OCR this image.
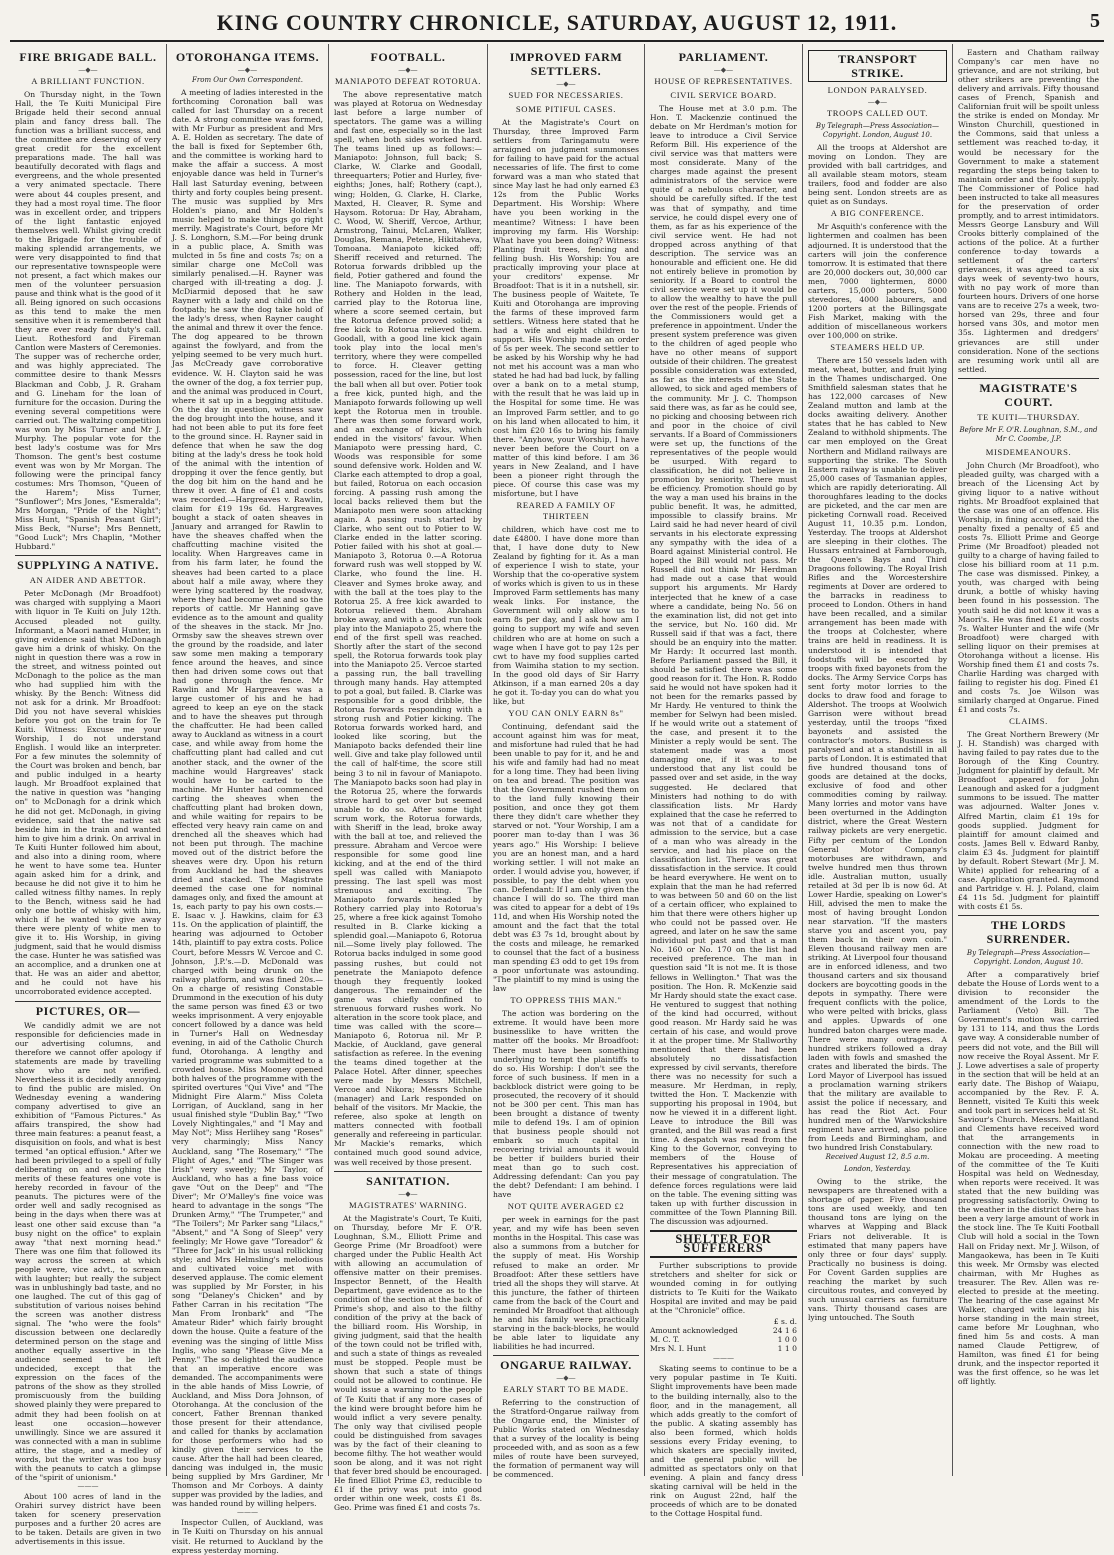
KING COUNTRY CHRONICLE, SATURDAY, AUGUST 12, 1911.	5
FIRE BRIGADE BALL.
—◆—
A BRILLIANT FUNCTION.

On Thursday night, in the Town Hall, the Te Kuiti Municipal Fire Brigade held their second annual plain and fancy dress ball. The function was a brilliant success, and the committee are deserving of very great credit for the excellent preparations made. The hall was beautifully decorated with flags and evergreens, and the whole presented a very animated spectacle. There were about 44 couples present, and they had a most royal time. The floor was in excellent order, and trippers of the light fantastic enjoyed themselves well. Whilst giving credit to the Brigade for the trouble of making splendid arrangements, we were very disappointed to find that our representative townspeople were not present, a fact which makes our men of the volunteer persuasion pause and think what is the good of it all. Being ignored on such occasions as this tend to make the men sensitive when it is remembered that they are ever ready for duty's call. Lieut. Rothesford and Fireman Cantlon were Masters of Ceremonies. The supper was of recherche order, and was highly appreciated. The committee desire to thank Messrs Blackman and Cobb, J. R. Graham and G. Lineham for the loan of furniture for the occasion. During the evening several competitions were carried out. The waltzing competition was won by Miss Turner and Mr J. Murphy. The popular vote for the best lady's costume was for Mrs Thomson. The gent's best costume event was won by Mr Morgan. The following were the principal fancy costumes: Mrs Thomson, "Queen of the Harem"; Miss Turner, "Sunflower"; Mrs Jones, "Esmeralda"; Mrs Morgan, "Pride of the Night"; Miss Hunt, "Spanish Peasant Girl"; Miss Beck, "Nurse"; Mrs Bennett, "Good Luck"; Mrs Chaplin, "Mother Hubbard."

SUPPLYING A NATIVE.
AN AIDER AND ABETTOR.

Peter McDonagh (Mr Broadfoot) was charged with supplying a Maori with liquor in Te Kuiti on July 12th. Accused pleaded not guilty. Informant, a Maori named Hunter, in giving evidence said that McDonagh gave him a drink of whisky. On the night in question there was a row in the street, and witness pointed out McDonagh to the police as the man who had supplied him with the whisky. By the Bench: Witness did not ask for a drink. Mr Broadfoot: Did you not have several whiskies before you got on the train for Te Kuiti. Witness: Excuse me your Worship, I do not understand English. I would like an interpreter. For a few minutes the solemnity of the Court was broken and bench, bar and public indulged in a hearty laugh. Mr Broadfoot explained that the native in question was "hanging on" to McDonagh for a drink which he did not get. McDonagh, in giving evidence, said that the native sat beside him in the train and wanted him to give him a drink. On arrival in Te Kuiti Hunter followed him about, and also into a dining room, where he went to have some tea. Hunter again asked him for a drink, and because he did not give it to him he called witness filthy names. In reply to the Bench, witness said he had only one bottle of whisky with him, which if he wanted to give away there were plenty of white men to give it to. His Worship, in giving judgment, said that he would dismiss the case. Hunter he was satisfied was an accomplice, and a drunken one at that. He was an aider and abettor, and he could not have his uncorroborated evidence accepted.

PICTURES, OR—

We candidly admit we are not responsible for deficiencies made in our advertising columns, and therefore we cannot offer apology if statements are made by travelling show who are not verified. Nevertheless it is decidedly annoying to find the public are misled. On Wednesday evening a wandering company advertised to give an exhibition of "Famous Pictures." As affairs transpired, the show had three main features: a peanut feast, a disquisition on fools, and what is best termed "an optical effusion." After we had been privileged to a spell of fully deliberating on and weighing the merits of these features one vote is hereby recorded in favour of the peanuts. The pictures were of the order well and sadly recognised as being in the days when there was at least one other said excuse than "a busy night on the office" to explain away "that next morning head." There was one film that followed its way across the screen at which people were, vice advt., to scream with laughter; but really the subject was in unblushingly bad taste, and no one laughed. The cut of this gag of substitution of various noises behind the screen was another distress signal. The "who were the fools" discussion between one declaredly determined person on the stage and another equally assertive in the audience seemed to be left undecided, except that the expression on the faces of the patrons of the show as they strolled promiscuously from the building showed plainly they were prepared to admit they had been foolish on at least one occasion—however unwillingly. Since we are assured it was connected with a man in sublime attire, the stage, and a medley of words, but the writer was too busy with the peanuts to catch a glimpse of the "spirit of unionism."

———

About 100 acres of land in the Orahiri survey district have been taken for scenery preservation purposes and a further 20 acres are to be taken. Details are given in two advertisements in this issue.

OTOROHANGA ITEMS.
—◆—
From Our Own Correspondent.

A meeting of ladies interested in the forthcoming Coronation ball was called for last Thursday on a recent date. A strong committee was formed, with Mr Furbur as president and Mrs A. E. Holden as secretary. The date of the ball is fixed for September 6th, and the committee is working hard to make the affair a success. A most enjoyable dance was held in Turner's Hall last Saturday evening, between thirty and forty couples being present. The music was supplied by Mrs Holden's piano, and Mr Holden's music helped to make things go right merrily. Magistrate's Court, before Mr J. S. Longhorn, S.M.—For being drunk in a public place, A. Smith was mulcted in 5s fine and costs 7s; on a similar charge one McColl was similarly penalised.—H. Rayner was charged with ill-treating a dog. J. McDiarmid deposed that he saw Rayner with a lady and child on the footpath; he saw the dog take hold of the lady's dress, when Rayner caught the animal and threw it over the fence. The dog appeared to be thrown against the fowlyard, and from the yelping seemed to be very much hurt. Jas McCready gave corroborative evidence. W. H. Clayton said he was the owner of the dog, a fox terrier pup, and the animal was produced in Court, where it sat up in a begging attitude. On the day in question, witness saw the dog brought into the house, and it had not been able to put its fore feet to the ground since. H. Rayner said in defence that when he saw the dog biting at the lady's dress he took hold of the animal with the intention of dropping it over the fence gently, but the dog bit him on the hand and he threw it over. A fine of £1 and costs was recorded.—Hargreaves v. Rawlin, claim for £19 19s 6d. Hargreaves bought a stack of oaten sheaves in January and arranged for Rawlin to have the sheaves chaffed when the chaffcutting machine visited the locality. When Hargreaves came in from his farm later, he found the sheaves had been carted to a place about half a mile away, where they were lying scattered by the roadway, where they had become wet and so the reports of cattle. Mr Hanning gave evidence as to the amount and quality of the sheaves in the stack. Mr Jno. Ormsby saw the sheaves strewn over the ground by the roadside, and later saw some men making a temporary fence around the heaves, and since then had driven some cows out that had gone through the fence. Mr Rawlin and Mr Hargreaves was a large customer of his and he had agreed to keep an eye on the stack and to have the sheaves put through the chaffcutter. He had been called away to Auckland as witness in a court case, and while away from home the chaffcutting plant had called and cut another stack, and the owner of the machine would Hargreaves' stack would have to be carted to the machine. Mr Hunter had commenced carting the sheaves when the chaffcutting plant had broken down, and while waiting for repairs to be effected very heavy rain came on and drenched all the sheaves which had not been put through. The machine moved out of the district before the sheaves were dry. Upon his return from Auckland he had the sheaves dried and stacked. The Magistrate deemed the case one for nominal damages only, and fixed the amount at 1s, each party to pay his own costs.—E. Isaac v. J. Hawkins, claim for £3 11s. On the application of plaintiff, the hearing was adjourned to October 14th, plaintiff to pay extra costs. Police Court, before Messrs W. Vercoe and C. Johnson, J.P.'s.—D. McDonald was charged with being drunk on the railway platform, and was fined 20s.—On a charge of resisting Constable Drummond in the execution of his duty the same person was fined £3 or two weeks imprisonment. A very enjoyable concert followed by a dance was held in Turner's Hall on Wednesday evening, in aid of the Catholic Church fund, Otorohanga. A lengthy and varied programme was submitted to a crowded house. Miss Mooney opened both halves of the programme with the spirited overtures "Qui Vive" and "The Midnight Fire Alarm." Miss Coleta Lorrigan, of Auckland, sang in her usual finished style "Dublin Bay," "Two Lovely Nightingales," and "I May and May Not"; Miss Herlihey sang "Roses" very charmingly; Miss Nancy Auckland, sang "The Rosemary," "The Flight of Ages," and "The Singer was Irish" very sweetly; Mr Taylor, of Auckland, who has a fine bass voice gave "Out on the Deep" and "The Diver"; Mr O'Malley's fine voice was heard to advantage in the songs "The Drunken Army," "The Trumpeter," and "The Toilers"; Mr Parker sang "Lilacs," "Absent," and "A Song of Sleep" very feelingly; Mr Howe gave "Toreador" & "Three for Jack" in his usual rollicking style; and Mrs Helmsling's melodious and cultivated voice met with deserved applause. The comic element was supplied by Mr Forster, in his song "Delaney's Chicken" and by Father Carran in his recitation "The Man From Ironbark" and "The Amateur Rider" which fairly brought down the house. Quite a feature of the evening was the singing of little Miss Inglis, who sang "Please Give Me a Penny." The so delighted the audience that an imperative encore was demanded. The accompaniments were in the able hands of Miss Lowrie, of Auckland, and Miss Dora Johnson, of Otorohanga. At the conclusion of the concert, Father Brennan thanked those present for their attendance, and called for thanks by acclamation for those performers who had so kindly given their services to the cause. After the hall had been cleared, dancing was indulged in, the music being supplied by Mrs Gardiner, Mr Thomson and Mr Corboys. A dainty supper was provided by the ladies, and was handed round by willing helpers.

———

Inspector Cullen, of Auckland, was in Te Kuiti on Thursday on his annual visit. He returned to Auckland by the express yesterday morning.

FOOTBALL.
—◆—
MANIAPOTO DEFEAT ROTORUA.

The above representative match was played at Rotorua on Wednesday last before a large number of spectators. The game was a willing and fast one, especially so in the last spell, when both sides worked hard. The teams lined up as follows:— Maniapoto: Johnson, full back; S. Clarke, W. Clarke and Goodall, threequarters; Potier and Hurley, five-eighths; Jones, half; Rothery (capt.), wing; Holden, G. Clarke, H. Clarke, Maxted, H. Cleaver, R. Syme and Haysom. Rotorua: Dr Hay, Abraham, C. Wood, W. Sheriff, Vercoe, Arthur, Armstrong, Tainui, McLaren, Walker, Douglas, Remana, Petene, Hikitaheva, Tomoana. Maniapoto kicked off; Sheriff received and returned. The Rotorua forwards dribbled up the field, Potier gathered and found the line. The Maniapoto forwards, with Rothery and Holden in the lead, carried play to the Rotorua line, where a score seemed certain, but the Rotorua defence proved solid; a free kick to Rotorua relieved them. Goodall, with a good line kick again took play into the local men's territory, where they were compelled to force. H. Cleaver getting possession, raced for the line, but lost the ball when all but over. Potier took a free kick, punted high, and the Maniapoto forwards following up well kept the Rotorua men in trouble. There was then some forward work, and an exchange of kicks, which ended in the visitors' favour. When Maniapoto were pressing hard, C. Woods was responsible for some sound defensive work. Holden and W. Clarke each attempted to drop a goal, but failed, Rotorua on each occasion forcing. A passing rush among the local backs relieved them but the Maniapoto men were soon attacking again. A passing rush started by Clarke, who sent out to Potier to W. Clarke ended in the latter scoring. Potier failed with his shot at goal.—Maniapoto 3, Rotorua 0.—A Rotorua forward rush was well stopped by W. Clarke, who found the line. H. Cleaver and Symes broke away, and with the ball at the toes play to the Rotorua 25. A free kick awarded to Rotorua relieved them. Abraham broke away, and with a good run took play into the Maniapoto 25, where the end of the first spell was reached. Shortly after the start of the second spell, the Rotorua forwards took play into the Maniapoto 25. Vercoe started a passing run, the ball travelling through many hands. Hay attempted to pot a goal, but failed. B. Clarke was responsible for a good dribble, the Rotorua forwards responding with a strong rush and Potier kicking. The Rotorua forwards worked hard, and looked like scoring, but the Maniapoto backs defended their line well. Give and take play followed until the call of half-time, the score still being 3 to nil in favour of Maniapoto. The Maniapoto backs soon had play in the Rotorua 25, where the forwards strove hard to get over but seemed unable to do so. After some tight scrum work, the Rotorua forwards, with Sheriff in the lead, broke away with the ball at toe, and relieved the pressure. Abraham and Vercoe were responsible for some good line kicking, and at the end of the third spell was called with Maniapoto pressing. The last spell was most strenuous and exciting. The Maniapoto forwards headed by Rothery carried play into Rotorua's 25, where a free kick against Tomoho resulted in B. Clarke kicking a splendid goal.—Maniapoto 6, Rotorua nil.—Some lively play followed. The Rotorua backs indulged in some good passing rushes, but could not penetrate the Maniapoto defence though they frequently looked dangerous. The remainder of the game was chiefly confined to strenuous forward rushes work. No alteration in the score took place, and time was called with the score—Maniapoto 6, Rotorua nil. Mr P. Mackie, of Auckland, gave general satisfaction as referee. In the evening the teams dined together at the Palace Hotel. After dinner, speeches were made by Messrs Mitchell, Vercoe and Nikora; Messrs Schnhe (manager) and Lark responded on behalf of the visitors. Mr Mackie, the referee, also spoke at length on matters connected with football generally and refereeing in particular. Mr Mackie's remarks, which contained much good sound advice, was well received by those present.

SANITATION.
—◆—
MAGISTRATES' WARNING.

At the Magistrate's Court, Te Kuiti, on Thursday, before Mr F. O'R. Loughnan, S.M., Elliott Prime and George Prime (Mr Broadfoot) were charged under the Public Health Act with allowing an accumulation of offensive matter on their premises. Inspector Bennett, of the Health Department, gave evidence as to the condition of the section at the back of Prime's shop, and also to the filthy condition of the privy at the back of the billiard room. His Worship, in giving judgment, said that the health of the town could not be trifled with, and such a state of things as revealed must be stopped. People must be shown that such a state of things could not be allowed to continue. He would issue a warning to the people of Te Kuiti that if any more cases of the kind were brought before him he would inflict a very severe penalty. The only way that civilised people could be distinguished from savages was by the fact of their cleaning to become filthy. The hot weather would soon be along, and it was not right that fever bred should be encouraged. He fined Elliot Prime £3, reducible to £1 if the privy was put into good order within one week, costs £1 8s. Geo. Prime was fined £1 and costs 7s.

IMPROVED FARM SETTLERS.
—◆—
SUED FOR NECESSARIES.
SOME PITIFUL CASES.

At the Magistrate's Court on Thursday, three Improved Farm settlers from Taringamutu were arraigned on judgment summonses for failing to have paid for the actual necessaries of life. The first to come forward was a man who stated that since May last he had only earned £3 12s from the Public Works Department. His Worship: Where have you been working in the meantime? Witness: I have been improving my farm. His Worship: What have you been doing? Witness: Planting fruit trees, fencing and felling bush. His Worship: You are practically improving your place at your creditors' expense. Mr Broadfoot: That is it in a nutshell, sir. The business people of Waitete, Te Kuiti and Otorohanga are improving the farms of these improved farm settlers. Witness here stated that he had a wife and eight children to support. His Worship made an order of 5s per week. The second settler to be asked by his Worship why he had not met his account was a man who stated he had had bad luck, by falling over a bank on to a metal stump, with the result that he was laid up in the Hospital for some time. He was an Improved Farm settler, and to go on his land when allocated to him, it cost him £20 16s to bring his family there. "Anyhow, your Worship, I have never been before the Court on a matter of this kind before. I am 36 years in New Zealand, and I have been a pioneer right through the piece. Of course this case was my misfortune, but I have

REARED A FAMILY OF THIRTEEN

children, which have cost me to date £4800. I have done more than that, I have done duty to New Zealand by fighting for it. As a man of experience I wish to state, your Worship that the co-operative system of works which is given to us in these Improved Farm settlements has many weak links. For instance, the Government will only allow us to earn 8s per day, and I ask how am I going to support my wife and seven children who are at home on such a wage when I have got to pay 12s per cwt to have my food supplies carted from Waimiha station to my section. In the good old days of Sir Harry Atkinson, if a man earned 20s a day he got it. To-day you can do what you like, but

YOU CAN ONLY EARN 8s"

Continuing, defendant said the account against him was for meat, and misfortune had ruled that he had been unable to pay for it, and he and his wife and family had had no meat for a long time. They had been living on tea and bread. The position was that the Government rushed them on to the land fully knowing their position, and once they got them there they didn't care whether they starved or not. "Your Worship, I am a poorer man to-day than I was 36 years ago." His Worship: I believe you are an honest man, and a hard working settler. I will not make an order. I would advise you, however, if possible, to pay the debt when you can. Defendant: If I am only given the chance I will do so. The third man was cited to appear for a debt of 19s 11d, and when His Worship noted the amount and the fact that the total debt was £3 7s 1d, brought about by the costs and mileage, he remarked to counsel that the fact of a business man spending £3 odd to get 19s from a poor unfortunate was astounding. "The plaintiff to my mind is using the law

TO OPPRESS THIS MAN."

The action was bordering on the extreme. It would have been more businesslike to have written the matter off the books. Mr Broadfoot: There must have been something underlying to tempt the plaintiffs to do so. His Worship: I don't see the force of such business. If men in a backblock district were going to be prosecuted, the recovery of it should not be 300 per cent. This man has been brought a distance of twenty mile to defend 19s. I am of opinion that business people should not embark so much capital in recovering trivial amounts it would be better if builders buried their meat than go to such cost. Addressing defendant: Can you pay the debt? Defendant: I am behind. I have

NOT QUITE AVERAGED £2

per week in earnings for the past year, and my wife has been seven months in the Hospital. This case was also a summons from a butcher for the supply of meat. His Worship refused to make an order. Mr Broadfoot: After these settlers have tried all the shops they will starve. At this juncture, the father of thirteen came from the back of the Court and reminded Mr Broadfoot that although he and his family were practically starving in the back-blocks, he would be able later to liquidate any liabilities he had incurred.

ONGARUE RAILWAY.
—◆—
EARLY START TO BE MADE.

Referring to the construction of the Stratford-Ongarue railway from the Ongarue end, the Minister of Public Works stated on Wednesday that a survey of the locality is being proceeded with, and as soon as a few miles of route have been surveyed, the formation of permanent way will be commenced.

PARLIAMENT.
—◆—
HOUSE OF REPRESENTATIVES.
CIVIL SERVICE BOARD.

The House met at 3.0 p.m. The Hon. T. Mackenzie continued the debate on Mr Herdman's motion for leave to introduce a Civil Service Reform Bill. His experience of the civil service was that matters were most considerate. Many of the charges made against the present administrators of the service were quite of a nebulous character, and should be carefully sifted. If the test was that of sympathy, and time service, he could dispel every one of them, as far as his experience of the civil service went. He had not dropped across anything of that description. The service was an honourable and efficient one. He did not entirely believe in promotion by seniority. If a Board to control the civil service were set up it would be to allow the wealthy to have the pull over the rest of the people. Friends of the Commissioners would get a preference in appointment. Under the present system preference was given to the children of aged people who have no other means of support outside of their children. The greatest possible consideration was extended, as far as the interests of the State allowed, to sick and aged members of the community. Mr J. C. Thompson said there was, as far as he could see, no picking and choosing between rich and poor in the choice of civil servants. If a Board of Commissioners were set up, the functions of the representatives of the people would be usurped. With regard to classification, he did not believe in promotion by seniority. There must be efficiency. Promotion should go by the way a man used his brains in the public benefit. It was, he admitted, impossible to classify brains. Mr Laird said he had never heard of civil servants in his electorate expressing any sympathy with the idea of a Board against Ministerial control. He hoped the Bill would not pass. Mr Russell did not think Mr Herdman had made out a case that would support his arguments. Mr Hardy interjected that he knew of a case where a candidate, being No. 56 on the examination list, did not get into the service, but No. 160 did. Mr Russell said if that was a fact, there should be an enquiry into the matter. Mr Hardy: It occurred last month. Before Parliament passed the Bill, it should be satisfied there was some good reason for it. The Hon. R. Roddo said he would not have spoken had it not been for the remarks passed by Mr Hardy. He ventured to think the member for Selwyn had been misled. If he would write out a statement of the case, and present it to the Minister a reply would be sent. The statement made was a most damaging one, if it was to be understood that any list could be passed over and set aside, in the way suggested. He declared that Ministers had nothing to do with classification lists. Mr Hardy explained that the case he referred to was not that of a candidate for admission to the service, but a case of a man who was already in the service, and had his place on the classification list. There was great dissatisfaction in the service. It could be heard everywhere. He went on to explain that the man he had referred to was between 50 and 60 on the list of a certain officer, who explained to him that there were others higher up who could not be passed over. He agreed, and later on he saw the same individual put past and that a man No. 160 or No. 170 on the list had received preference. The man in question said "It is not me. It is those fellows in Wellington." That was the position. The Hon. R. McKenzie said Mr Hardy should state the exact case. He ventured to suggest that nothing of the kind had occurred, without good reason. Mr Hardy said he was certain of his case, and would prove it at the proper time. Mr Stallworthy mentioned that there had been absolutely no dissatisfaction expressed by civil servants, therefore there was no necessity for such a measure. Mr Herdman, in reply, twitted the Hon. T. Mackenzie with supporting his proposal in 1904, but now he viewed it in a different light. Leave to introduce the Bill was granted, and the Bill was read a first time. A despatch was read from the King to the Governor, conveying to members of the House of Representatives his appreciation of their message of congratulation. The defence forces regulations were laid on the table. The evening sitting was taken up with further discussion in committee of the Town Planning Bill. The discussion was adjourned.

SHELTER FOR SUFFERERS

Further subscriptions to provide stretchers and shelter for sick or wounded coming in for outlying districts to Te Kuiti for the Waikato Hospital are invited and may be paid at the "Chronicle" office.

	£ s. d.
Amount acknowledged	24 1 6
M. C. T.	1 0 0
Mrs N. I. Hunt	1 1 0
———

Skating seems to continue to be a very popular pastime in Te Kuiti. Slight improvements have been made to the building internally, also to the floor, and in the management, all which adds greatly to the comfort of the public. A skating assembly has also been formed, which holds sessions every Friday evening, to which skaters are specially invited, and the general public will be admitted as spectators only on that evening. A plain and fancy dress skating carnival will be held in the rink on August 22nd, half the proceeds of which are to be donated to the Cottage Hospital fund.

TRANSPORT STRIKE.
LONDON PARALYSED.
—◆—
TROOPS CALLED OUT.
By Telegraph—Press Association—Copyright. London, August 10.

All the troops at Aldershot are moving on London. They are provided with ball cartridges, and all available steam motors, steam trailers, food and fodder are also being sent. London streets are as quiet as on Sundays.

A BIG CONFERENCE.

Mr Asquith's conference with the lightermen and coalmen has been adjourned. It is understood that the carters will join the conference tomorrow. It is estimated that there are 20,000 dockers out, 30,000 car men, 7000 lightermen, 8000 carters, 15,000 porters, 5000 stevedores, 4000 labourers, and 1200 porters at the Billingsgate Fish Market, making with the addition of miscellaneous workers over 100,000 on strike.

STEAMERS HELD UP.

There are 150 vessels laden with meat, wheat, butter, and fruit lying in the Thames undischarged. One Smithfield salesman states that he has 122,000 carcases of New Zealand mutton and lamb at the docks awaiting delivery. Another states that he has cabled to New Zealand to withhold shipments. The car men employed on the Great Northern and Midland railways are supporting the strike. The South Eastern railway is unable to deliver 25,000 cases of Tasmanian apples, which are rapidly deteriorating. All thoroughfares leading to the docks are picketed, and the car men are picketing Cornwall road. Received August 11, 10.35 p.m. London, Yesterday. The troops at Aldershot are sleeping in their clothes. The Hussars entrained at Farnborough, the Queen's Bays and Third Dragoons following. The Royal Irish Rifles and the Worcestershire regiments at Dover are ordered to the barracks in readiness to proceed to London. Others in hand have been recalled, and a similar arrangement has been made with the troops at Colchester, where trains are held in readiness. It is understood it is intended that foodstuffs will be escorted by troops with fixed bayonets from the docks. The Army Service Corps has sent forty motor lorries to the docks to draw food and forage to Aldershot. The troops at Woolwich Garrison were without bread yesterday, until the troops "fixed bayonets and assisted the contractor's motors. Business is paralysed and at a standstill in all parts of London. It is estimated that five hundred thousand tons of goods are detained at the docks, exclusive of food and other commodities coming by railway. Many lorries and motor vans have been overturned in the Addington district, where the Great Western railway pickets are very energetic. Fifty per centum of the London General Motor Company's motorbuses are withdrawn, and twelve hundred men thus thrown idle. Australian mutton, usually retailed at 3d per lb is now 6d. At Lower Hardie, speaking on Lower's Hill, advised the men to make the most of having brought London near starvation. "If the masters starve you and ascent you, pay them back in their own coin." Eleven thousand railway men are striking. At Liverpool four thousand are in enforced idleness, and two thousand carters and six thousand dockers are boycotting goods in the depots in sympathy. There were frequent conflicts with the police, who were pelted with bricks, glass and apples. Upwards of one hundred baton charges were made. There were many outrages. A hundred strikers followed a dray laden with fowls and smashed the crates and liberated the birds. The Lord Mayor of Liverpool has issued a proclamation warning strikers that the military are available to assist the police if necessary, and has read the Riot Act. Four hundred men of the Warwickshire regiment have arrived, also police from Leeds and Birmingham, and two hundred Irish Constabulary.

Received August 12, 8.5 a.m.
London, Yesterday.

Owing to the strike, the newspapers are threatened with a shortage of paper. Five thousand tons are used weekly, and ten thousand tons are lying on the wharves at Wapping and Black Friars not deliverable. It is estimated that many papers have only three or four days' supply. Practically no business is doing. For Covent Garden supplies are reaching the market by such circuitous routes, and conveyed by such unusual carriers as furniture vans. Thirty thousand cases are lying untouched. The South

Eastern and Chatham railway Company's car men have no grievance, and are not striking, but other strikers are preventing the delivery and arrivals. Fifty thousand cases of French, Spanish and Californian fruit will be spoilt unless the strike is ended on Monday. Mr Winston Churchill, questioned in the Commons, said that unless a settlement was reached to-day, it would be necessary for the Government to make a statement regarding the steps being taken to maintain order and the food supply. The Commissioner of Police had been instructed to take all measures for the preservation of order promptly, and to arrest intimidators. Messrs George Lansbury and Will Crooks bitterly complained of the actions of the police. At a further conference to-day towards a settlement of the carters' grievances, it was agreed to a six days week of seventy-two hours, with no pay work of more than fourteen hours. Drivers of one horse vans are to receive 27s a week, two-horsed van 29s, three and four horsed vans 30s, and motor men 35s. Lightermen and dredgers' grievances are still under consideration. None of the sections are resuming work until all are settled.

MAGISTRATE'S COURT.
TE KUITI—THURSDAY.
Before Mr F. O'R. Loughnan, S.M., and Mr C. Coombe, J.P.
MISDEMEANOURS.

John Church (Mr Broadfoot), who pleaded guilty, was charged with a breach of the Licensing Act by giving liquor to a native without rights. Mr Broadfoot explained that the case was one of an offence. His Worship, in fining accused, said the penalty fixed a penalty of £5 and costs 7s. Elliott Prime and George Prime (Mr Broadfoot) pleaded not guilty to a charge of having failed to close his billiard room at 11 p.m. The case was dismissed. Pinkey, a youth, was charged with being drunk, a bottle of whisky having been found in his possession. The youth said he did not know it was a Maori's. He was fined £1 and costs 7s. Walter Hunter and the wife (Mr Broadfoot) were charged with selling liquor on their premises at Otorohanga without a license. His Worship fined them £1 and costs 7s. Charlie Harding was charged with failing to register his dog. Fined £1 and costs 7s. Joe Wilson was similarly charged at Ongarue. Fined £1 and costs 7s.

CLAIMS.

The Great Northern Brewery (Mr J. H. Standish) was charged with having failed to pay rates due to the Borough of the King Country. Judgment for plaintiff by default. Mr Broadfoot appeared for John Leanough and asked for a judgment summons to be issued. The matter was adjourned. Walter Jones v. Alfred Martin, claim £1 19s for goods supplied. Judgment for plaintiff for amount claimed and costs. James Bell v. Edward Ranby, claim £3 4s. Judgment for plaintiff by default. Robert Stewart (Mr J. M. White) applied for rehearing of a case. Application granted. Raymond and Partridge v. H. J. Poland, claim £4 11s 5d. Judgment for plaintiff with costs £1 5s.

THE LORDS SURRENDER.
By Telegraph—Press Association—Copyright. London, August 10.

After a comparatively brief debate the House of Lords went to a division to reconsider the amendment of the Lords to the Parliament (Veto) Bill. The Government's motion was carried by 131 to 114, and thus the Lords gave way. A considerable number of peers did not vote, and the Bill will now receive the Royal Assent. Mr F. J. Lowe advertises a sale of property in the section that will be held at an early date. The Bishop of Waiapu, accompanied by the Rev. F. A. Bennett, visited Te Kuiti this week and took part in services held at St. Saviour's Church. Messrs. Maitland and Clements have received word that the arrangements in connection with the new road to Mokau are proceeding. A meeting of the committee of the Te Kuiti Hospital was held on Wednesday, when reports were received. It was stated that the new building was progressing satisfactorily. Owing to the weather in the district there has been a very large amount of work in the stock line. The Te Kuiti Football Club will hold a social in the Town Hall on Friday next. Mr J. Wilson, of Mangaokewa, has been in Te Kuiti this week. Mr Ormsby was elected chairman, with Mr Hughes as treasurer. The Rev. Allen was re-elected to preside at the meeting. The hearing of the case against Mr Walker, charged with leaving his horse standing in the main street, came before Mr Loughnan, who fined him 5s and costs. A man named Claude Pettigrew, of Hamilton, was fined £1 for being drunk, and the inspector reported it was the first offence, so he was let off lightly.
